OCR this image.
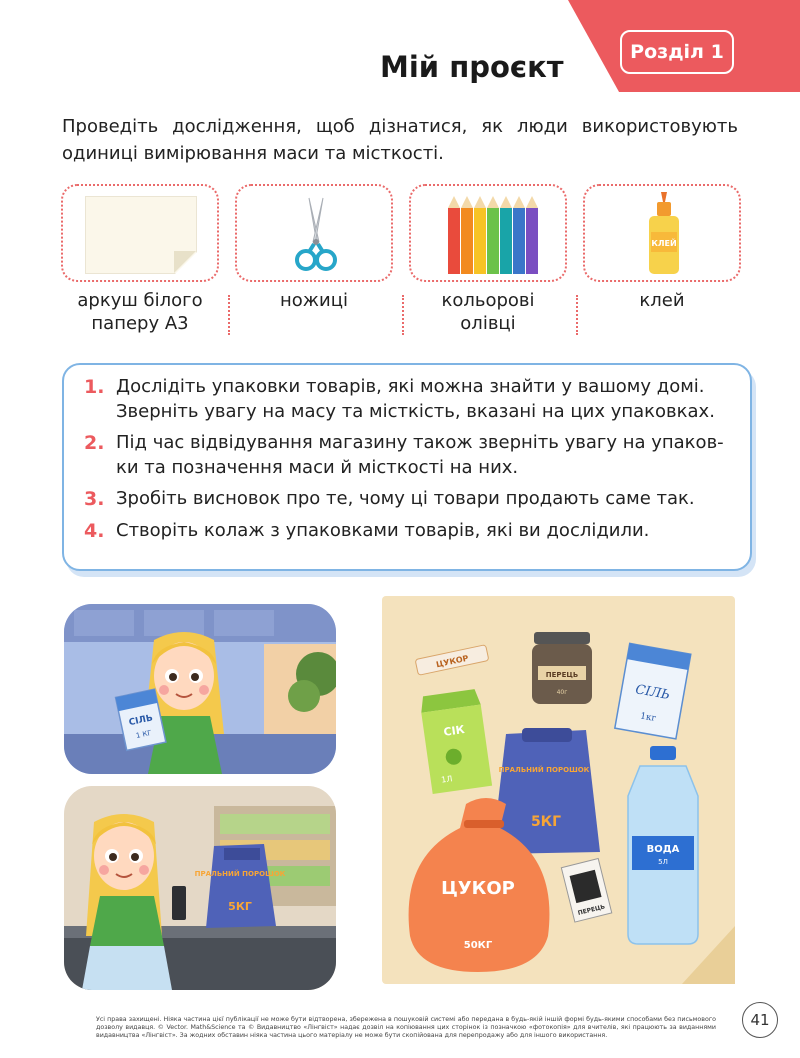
Розділ 1
Мій проєкт

Проведіть дослідження, щоб дізнатися, як люди використовують одиниці вимірювання маси та місткості.

КЛЕЙ
аркуш білого
паперу А3
ножиці	кольорові
олівці
клей
1. Дослідіть упаковки товарів, які можна знайти у вашому домі. Зверніть увагу на масу та місткість, вказані на цих упаковках.
2. Під час відвідування магазину також зверніть увагу на упаков-ки та позначення маси й місткості на них.
3. Зробіть висновок про те, чому ці товари продають саме так.
4. Створіть колаж з упаковками товарів, які ви дослідили.
СІЛЬ
1 КГ
ПРАЛЬНИЙ ПОРОШОК
5КГ
ЦУКОР
ПЕРЕЦЬ
40г	СІЛЬ
1кг
СІК
1Л
ПРАЛЬНИЙ ПОРОШОК
5КГ
ВОДА
5Л
ЦУКОР
50КГ
ПЕРЕЦЬ

Усі права захищені. Ніяка частина цієї публікації не може бути відтворена, збережена в пошуковій системі або передана в будь-якій іншій формі будь-якими способами без письмового дозволу видавця. © Vector. Math&Science та © Видавництво «Лінгвіст» надає дозвіл на копіювання цих сторінок із позначкою «фотокопія» для вчителів, які працюють за виданнями видавництва «Лінгвіст». За жодних обставин ніяка частина цього матеріалу не може бути скопійована для перепродажу або для іншого використання.

41
